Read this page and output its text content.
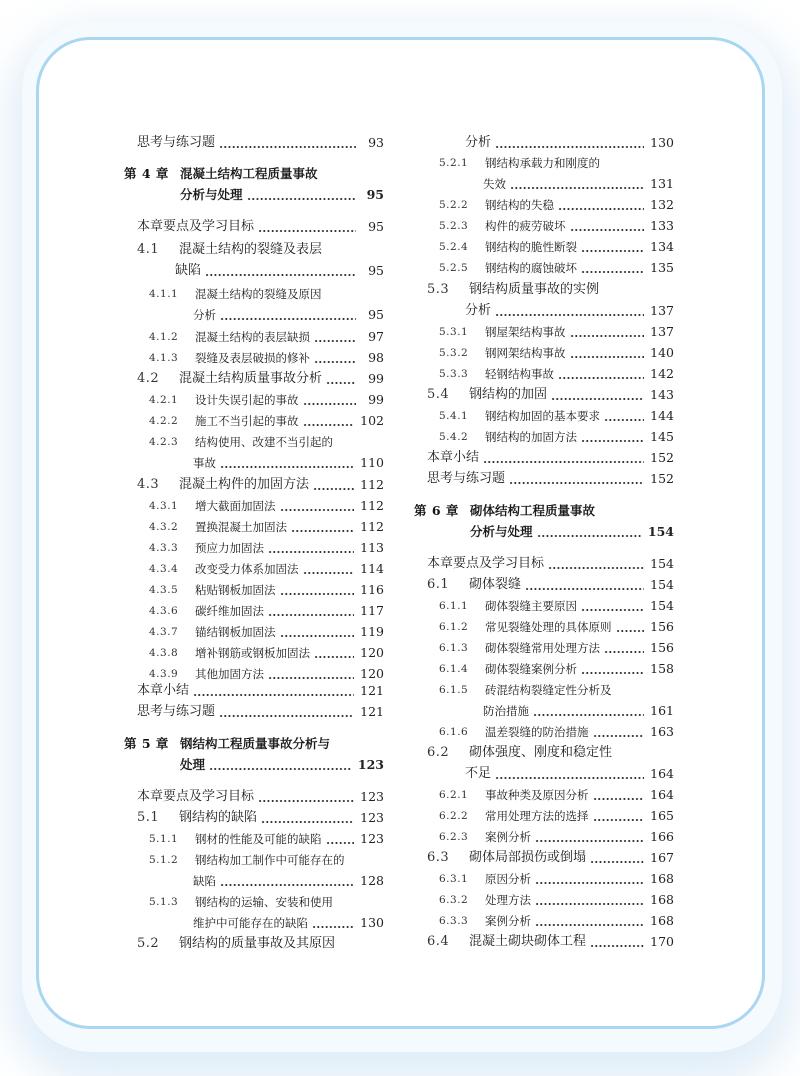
思考与练习题	93
第 4 章 混凝土结构工程质量事故
分析与处理	95
本章要点及学习目标	95
4.1	混凝土结构的裂缝及表层
缺陷	95
4.1.1	混凝土结构的裂缝及原因
分析	95
4.1.2	混凝土结构的表层缺损	97
4.1.3	裂缝及表层破损的修补	98
4.2	混凝土结构质量事故分析	99
4.2.1	设计失误引起的事故	99
4.2.2	施工不当引起的事故	102
4.2.3	结构使用、改建不当引起的
事故	110
4.3	混凝土构件的加固方法	112
4.3.1	增大截面加固法	112
4.3.2	置换混凝土加固法	112
4.3.3	预应力加固法	113
4.3.4	改变受力体系加固法	114
4.3.5	粘贴钢板加固法	116
4.3.6	碳纤维加固法	117
4.3.7	锚结钢板加固法	119
4.3.8	增补钢筋或钢板加固法	120
4.3.9	其他加固方法	120
本章小结	121
思考与练习题	121
第 5 章 钢结构工程质量事故分析与
处理	123
本章要点及学习目标	123
5.1	钢结构的缺陷	123
5.1.1	钢材的性能及可能的缺陷	123
5.1.2	钢结构加工制作中可能存在的
缺陷	128
5.1.3	钢结构的运输、安装和使用
维护中可能存在的缺陷	130
5.2	钢结构的质量事故及其原因
分析	130
5.2.1	钢结构承载力和刚度的
失效	131
5.2.2	钢结构的失稳	132
5.2.3	构件的疲劳破坏	133
5.2.4	钢结构的脆性断裂	134
5.2.5	钢结构的腐蚀破坏	135
5.3	钢结构质量事故的实例
分析	137
5.3.1	钢屋架结构事故	137
5.3.2	钢网架结构事故	140
5.3.3	轻钢结构事故	142
5.4	钢结构的加固	143
5.4.1	钢结构加固的基本要求	144
5.4.2	钢结构的加固方法	145
本章小结	152
思考与练习题	152
第 6 章 砌体结构工程质量事故
分析与处理	154
本章要点及学习目标	154
6.1	砌体裂缝	154
6.1.1	砌体裂缝主要原因	154
6.1.2	常见裂缝处理的具体原则	156
6.1.3	砌体裂缝常用处理方法	156
6.1.4	砌体裂缝案例分析	158
6.1.5	砖混结构裂缝定性分析及
防治措施	161
6.1.6	温差裂缝的防治措施	163
6.2	砌体强度、刚度和稳定性
不足	164
6.2.1	事故种类及原因分析	164
6.2.2	常用处理方法的选择	165
6.2.3	案例分析	166
6.3	砌体局部损伤或倒塌	167
6.3.1	原因分析	168
6.3.2	处理方法	168
6.3.3	案例分析	168
6.4	混凝土砌块砌体工程	170
